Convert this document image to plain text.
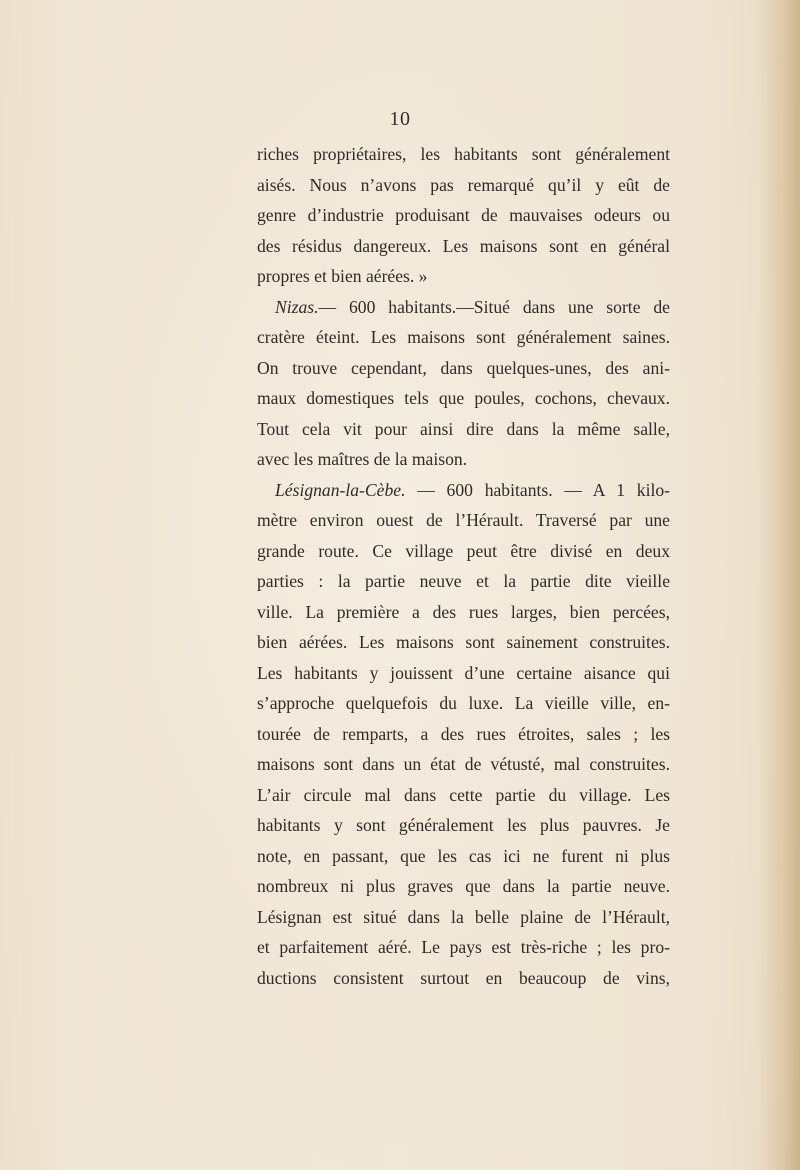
10
riches propriétaires, les habitants sont généralement
aisés. Nous n’avons pas remarqué qu’il y eût de
genre d’industrie produisant de mauvaises odeurs ou
des résidus dangereux. Les maisons sont en général
propres et bien aérées. »
Nizas.— 600 habitants.—Situé dans une sorte de
cratère éteint. Les maisons sont généralement saines.
On trouve cependant, dans quelques-unes, des ani-
maux domestiques tels que poules, cochons, chevaux.
Tout cela vit pour ainsi dire dans la même salle,
avec les maîtres de la maison.
Lésignan-la-Cèbe. — 600 habitants. — A 1 kilo-
mètre environ ouest de l’Hérault. Traversé par une
grande route. Ce village peut être divisé en deux
parties : la partie neuve et la partie dite vieille
ville. La première a des rues larges, bien percées,
bien aérées. Les maisons sont sainement construites.
Les habitants y jouissent d’une certaine aisance qui
s’approche quelquefois du luxe. La vieille ville, en-
tourée de remparts, a des rues étroites, sales ; les
maisons sont dans un état de vétusté, mal construites.
L’air circule mal dans cette partie du village. Les
habitants y sont généralement les plus pauvres. Je
note, en passant, que les cas ici ne furent ni plus
nombreux ni plus graves que dans la partie neuve.
Lésignan est situé dans la belle plaine de l’Hérault,
et parfaitement aéré. Le pays est très-riche ; les pro-
ductions consistent surtout en beaucoup de vins,
